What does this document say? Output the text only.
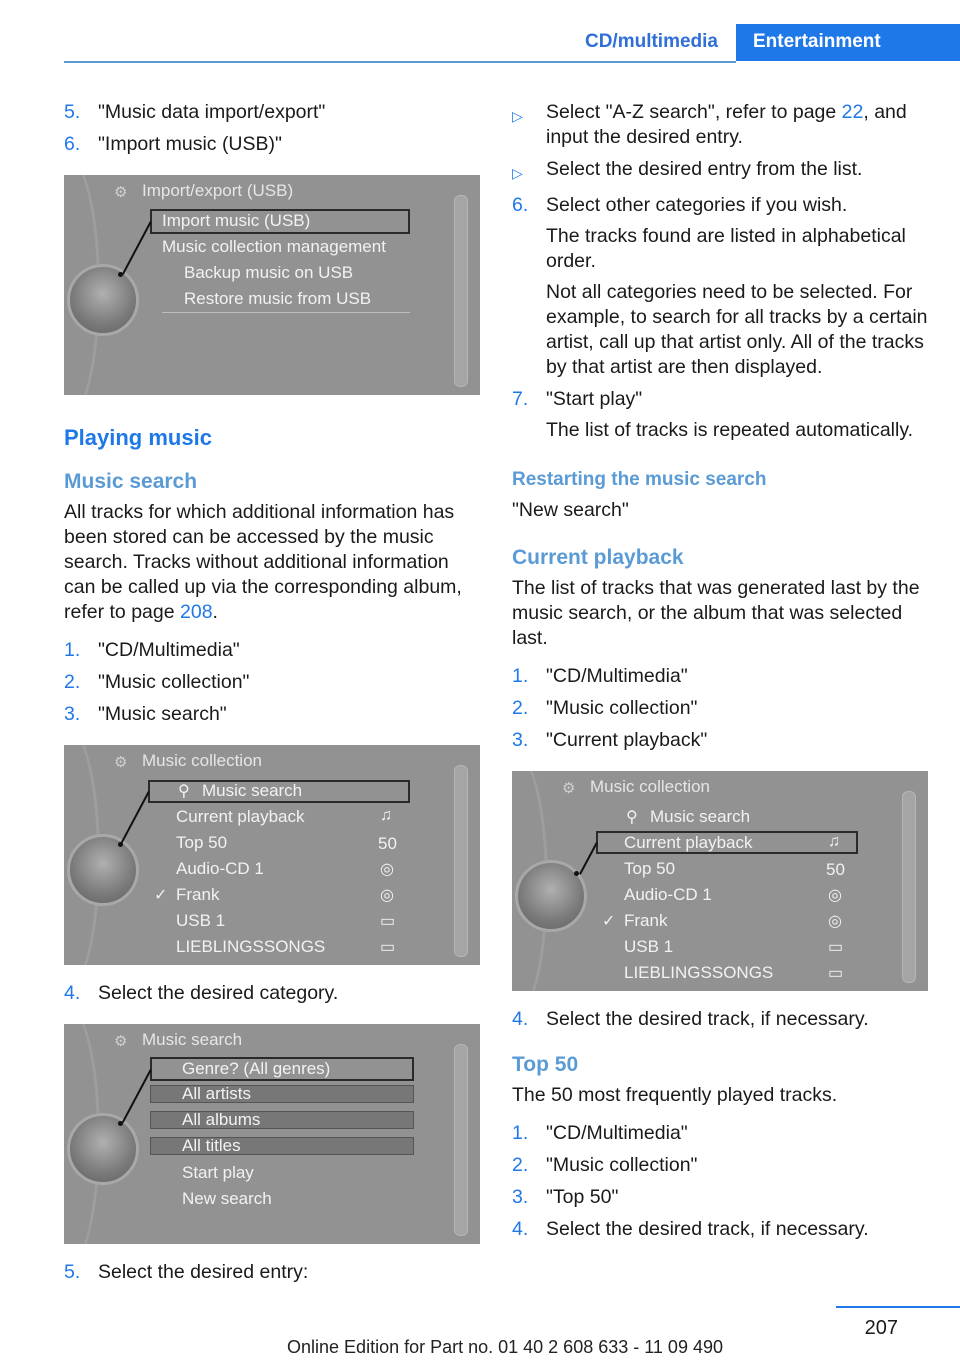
CD/multimedia	Entertainment
5. "Music data import/export"
6. "Import music (USB)"
⚙ Import/export (USB)
Import music (USB)
Music collection management
Backup music on USB
Restore music from USB
Playing music
Music search

All tracks for which additional information has been stored can be accessed by the music search. Tracks without additional information can be called up via the corresponding album, refer to page 208.

1. "CD/Multimedia"
2. "Music collection"
3. "Music search"
⚙ Music collection
⚲ Music search
Current playback	♫
Top 50	50
Audio-CD 1	◎
✓ Frank	◎
USB 1	▭
LIEBLINGSSONGS	▭
4. Select the desired category.
⚙ Music search
Genre? (All genres)
All artists
All albums
All titles
Start play
New search
5. Select the desired entry:
▷	Select "A-Z search", refer to page 22, and input the desired entry.
▷	Select the desired entry from the list.
6. Select other categories if you wish.

The tracks found are listed in alphabetical order.

Not all categories need to be selected. For example, to search for all tracks by a certain artist, call up that artist only. All of the tracks by that artist are then displayed.

7. "Start play"

The list of tracks is repeated automatically.

Restarting the music search

"New search"

Current playback

The list of tracks that was generated last by the music search, or the album that was selected last.

1. "CD/Multimedia"
2. "Music collection"
3. "Current playback"
⚙ Music collection
⚲ Music search
Current playback	♫
Top 50	50
Audio-CD 1	◎
✓ Frank	◎
USB 1	▭
LIEBLINGSSONGS	▭
4. Select the desired track, if necessary.
Top 50

The 50 most frequently played tracks.

1. "CD/Multimedia"
2. "Music collection"
3. "Top 50"
4. Select the desired track, if necessary.
207
Online Edition for Part no. 01 40 2 608 633 - 11 09 490
